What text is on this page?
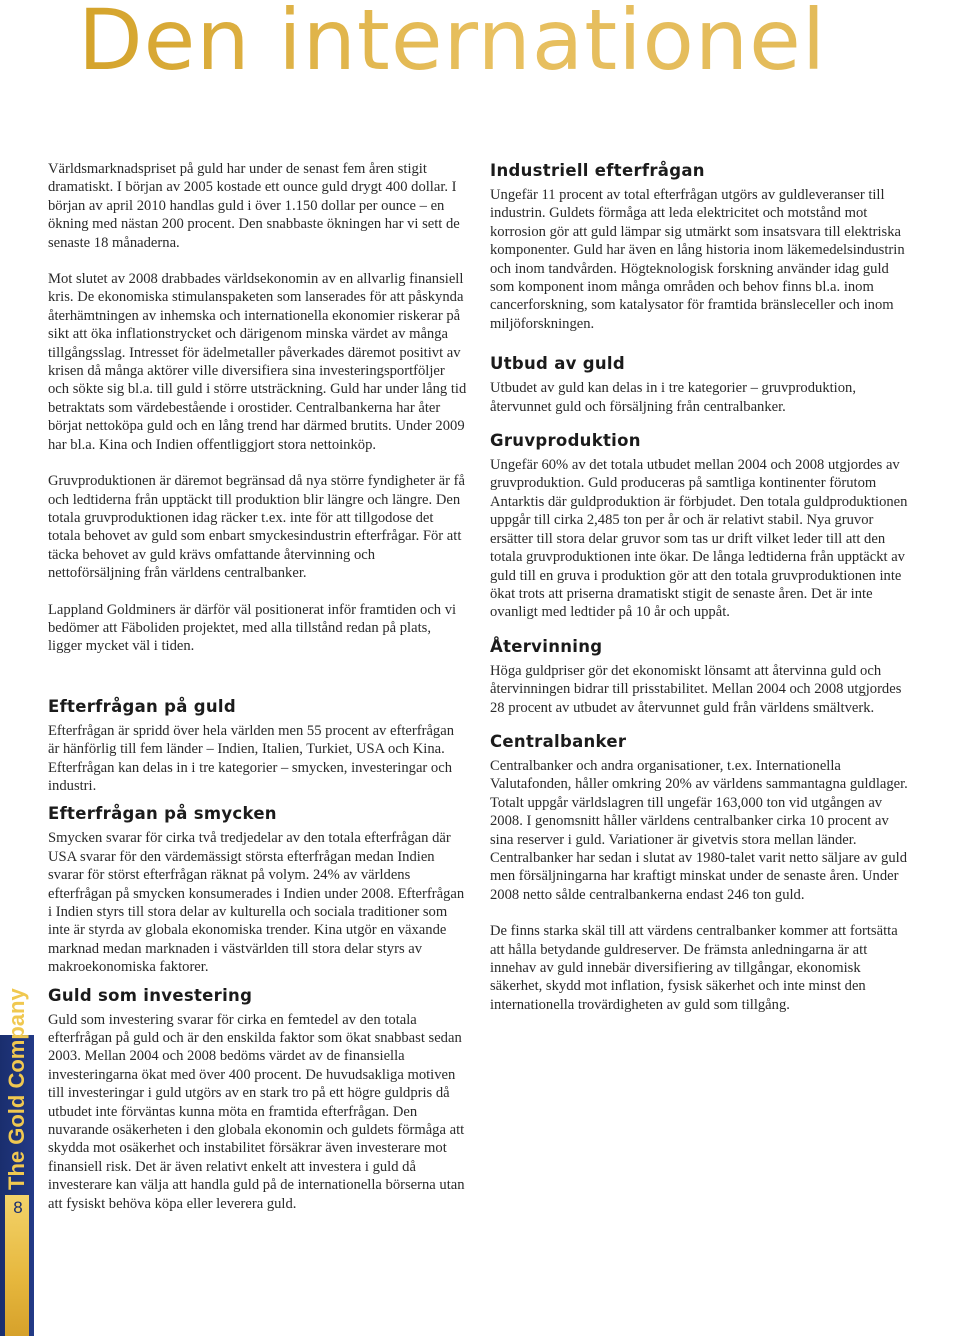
Den internationel

Världsmarknadspriset på guld har under de senast fem åren stigit dramatiskt. I början av 2005 kostade ett ounce guld drygt 400 dollar. I början av april 2010 handlas guld i över 1.150 dollar per ounce – en ökning med nästan 200 procent. Den snabbaste ökningen har vi sett de senaste 18 månaderna.

Mot slutet av 2008 drabbades världsekonomin av en allvarlig finansiell kris. De ekonomiska stimulanspaketen som lanserades för att påskynda återhämtningen av inhemska och internationella ekonomier riskerar på sikt att öka inflationstrycket och därigenom minska värdet av många tillgångsslag. Intresset för ädelmetaller påverkades däremot positivt av krisen då många aktörer ville diversifiera sina investeringsportföljer och sökte sig bl.a. till guld i större utsträckning. Guld har under lång tid betraktats som värdebestående i orostider. Centralbankerna har åter börjat nettoköpa guld och en lång trend har därmed brutits. Under 2009 har bl.a. Kina och Indien offentliggjort stora nettoinköp.

Gruvproduktionen är däremot begränsad då nya större fyndigheter är få och ledtiderna från upptäckt till produktion blir längre och längre. Den totala gruvproduktionen idag räcker t.ex. inte för att tillgodose det totala behovet av guld som enbart smyckesindustrin efterfrågar. För att täcka behovet av guld krävs omfattande återvinning och nettoförsäljning från världens centralbanker.

Lappland Goldminers är därför väl positionerat inför framtiden och vi bedömer att Fäboliden projektet, med alla tillstånd redan på plats, ligger mycket väl i tiden.

Efterfrågan på guld

Efterfrågan är spridd över hela världen men 55 procent av efterfrågan är hänförlig till fem länder – Indien, Italien, Turkiet, USA och Kina. Efterfrågan kan delas in i tre kategorier – smycken, investeringar och industri.

Efterfrågan på smycken

Smycken svarar för cirka två tredjedelar av den totala efterfrågan där USA svarar för den värdemässigt största efterfrågan medan Indien svarar för störst efterfrågan räknat på volym. 24% av världens efterfrågan på smycken konsumerades i Indien under 2008. Efterfrågan i Indien styrs till stora delar av kulturella och sociala traditioner som inte är styrda av globala ekonomiska trender. Kina utgör en växande marknad medan marknaden i västvärlden till stora delar styrs av makroekonomiska faktorer.

Guld som investering

Guld som investering svarar för cirka en femtedel av den totala efterfrågan på guld och är den enskilda faktor som ökat snabbast sedan 2003. Mellan 2004 och 2008 bedöms värdet av de finansiella investeringarna ökat med över 400 procent. De huvudsakliga motiven till investeringar i guld utgörs av en stark tro på ett högre guldpris då utbudet inte förväntas kunna möta en framtida efterfrågan. Den nuvarande osäkerheten i den globala ekonomin och guldets förmåga att skydda mot osäkerhet och instabilitet försäkrar även investerare mot finansiell risk. Det är även relativt enkelt att investera i guld då investerare kan välja att handla guld på de internationella börserna utan att fysiskt behöva köpa eller leverera guld.

Industriell efterfrågan

Ungefär 11 procent av total efterfrågan utgörs av guldleveranser till industrin. Guldets förmåga att leda elektricitet och motstånd mot korrosion gör att guld lämpar sig utmärkt som insatsvara till elektriska komponenter. Guld har även en lång historia inom läkemedelsindustrin och inom tandvården. Högteknologisk forskning använder idag guld som komponent inom många områden och behov finns bl.a. inom cancerforskning, som katalysator för framtida bränsleceller och inom miljöforskningen.

Utbud av guld

Utbudet av guld kan delas in i tre kategorier – gruvproduktion, återvunnet guld och försäljning från centralbanker.

Gruvproduktion

Ungefär 60% av det totala utbudet mellan 2004 och 2008 utgjordes av gruvproduktion. Guld produceras på samtliga kontinenter förutom Antarktis där guldproduktion är förbjudet. Den totala guldproduktionen uppgår till cirka 2,485 ton per år och är relativt stabil. Nya gruvor ersätter till stora delar gruvor som tas ur drift vilket leder till att den totala gruvproduktionen inte ökar. De långa ledtiderna från upptäckt av guld till en gruva i produktion gör att den totala gruvproduktionen inte ökat trots att priserna dramatiskt stigit de senaste åren. Det är inte ovanligt med ledtider på 10 år och uppåt.

Återvinning

Höga guldpriser gör det ekonomiskt lönsamt att återvinna guld och återvinningen bidrar till prisstabilitet. Mellan 2004 och 2008 utgjordes 28 procent av utbudet av återvunnet guld från världens smältverk.

Centralbanker

Centralbanker och andra organisationer, t.ex. Internationella Valutafonden, håller omkring 20% av världens sammantagna guldlager. Totalt uppgår världslagren till ungefär 163,000 ton vid utgången av 2008. I genomsnitt håller världens centralbanker cirka 10 procent av sina reserver i guld. Variationer är givetvis stora mellan länder. Centralbanker har sedan i slutat av 1980-talet varit netto säljare av guld men försäljningarna har kraftigt minskat under de senaste åren. Under 2008 netto sålde centralbankerna endast 246 ton guld.

De finns starka skäl till att värdens centralbanker kommer att fortsätta att hålla betydande guldreserver. De främsta anledningarna är att innehav av guld innebär diversifiering av tillgångar, ekonomisk säkerhet, skydd mot inflation, fysisk säkerhet och inte minst den internationella trovärdigheten av guld som tillgång.

The Gold Company
8
